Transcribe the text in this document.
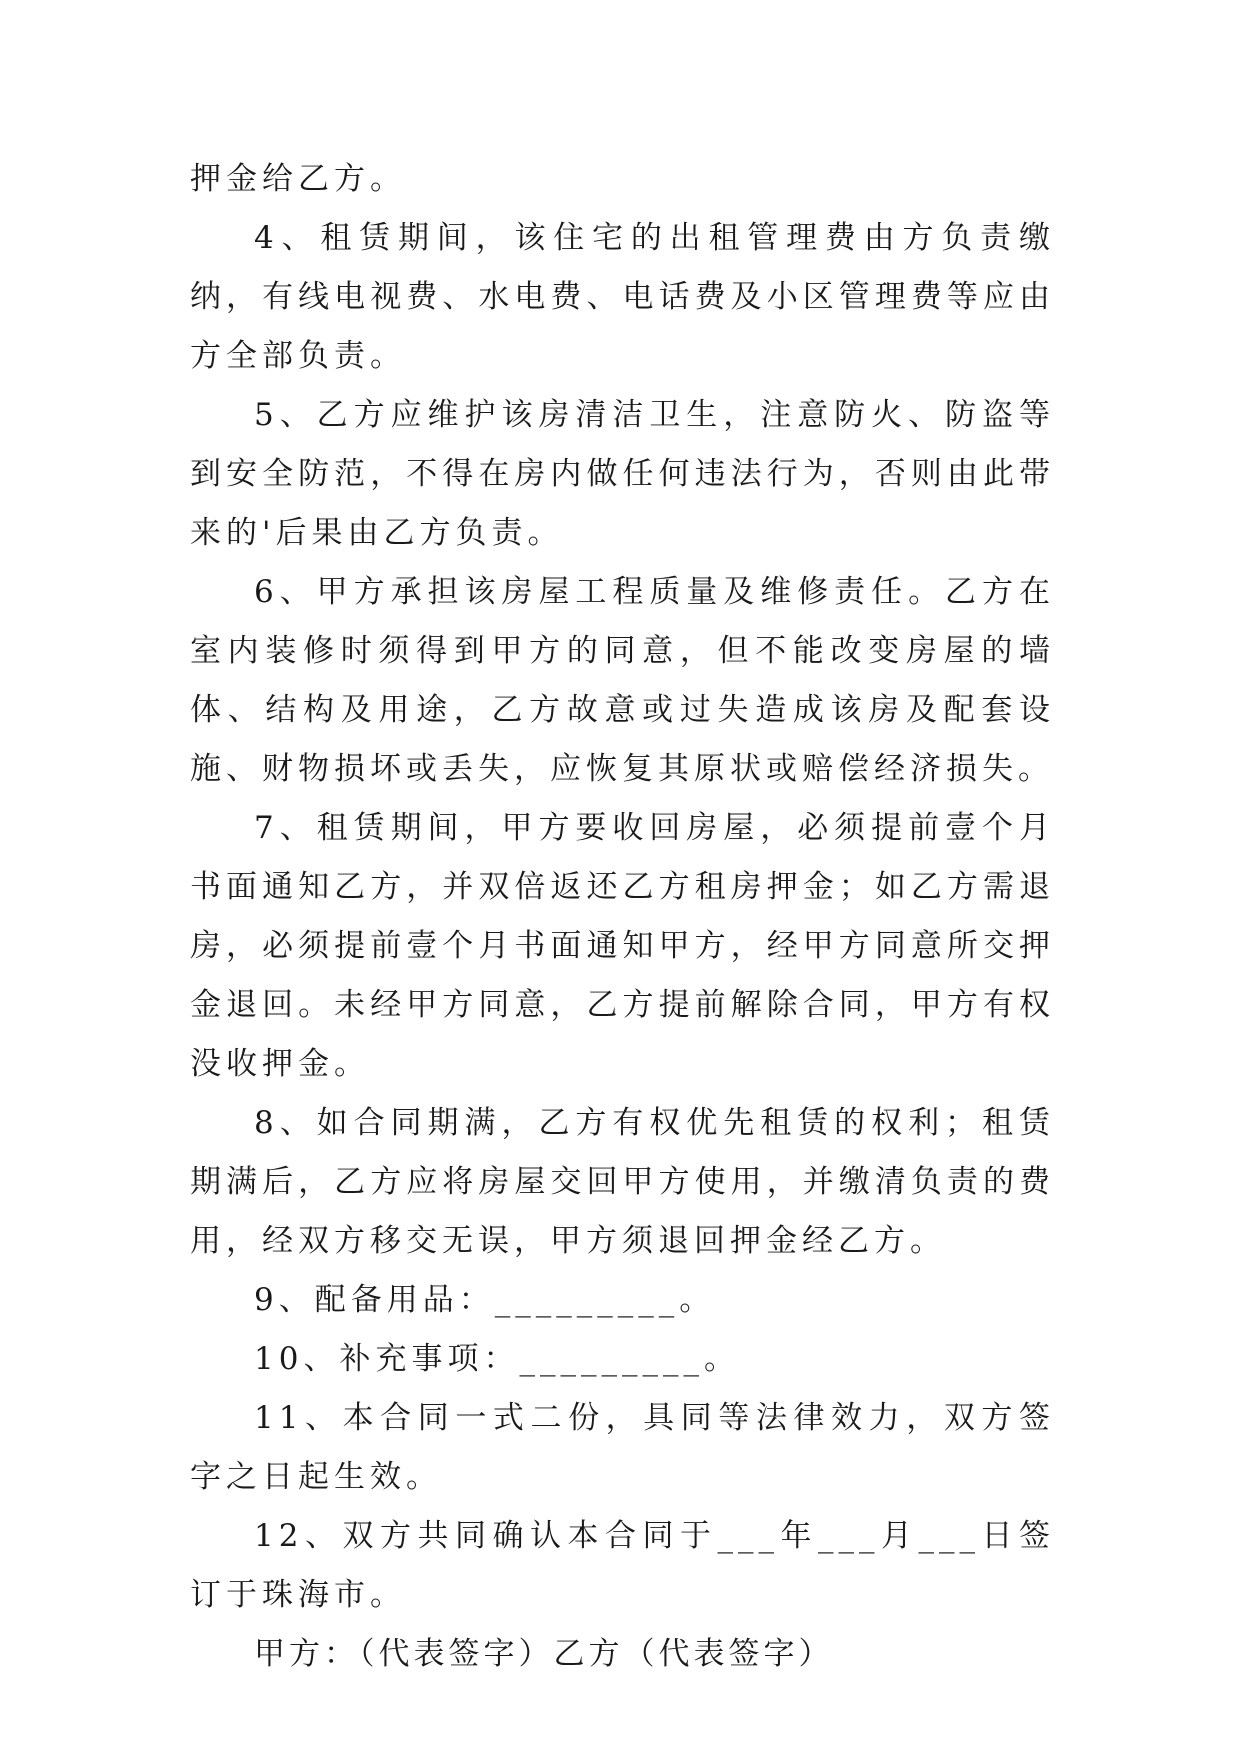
押金给乙方。

4、租赁期间，该住宅的出租管理费由方负责缴纳，有线电视费、水电费、电话费及小区管理费等应由方全部负责。

5、乙方应维护该房清洁卫生，注意防火、防盗等到安全防范，不得在房内做任何违法行为，否则由此带来的'后果由乙方负责。

6、甲方承担该房屋工程质量及维修责任。乙方在室内装修时须得到甲方的同意，但不能改变房屋的墙体、结构及用途，乙方故意或过失造成该房及配套设施、财物损坏或丢失，应恢复其原状或赔偿经济损失。

7、租赁期间，甲方要收回房屋，必须提前壹个月书面通知乙方，并双倍返还乙方租房押金；如乙方需退房，必须提前壹个月书面通知甲方，经甲方同意所交押金退回。未经甲方同意，乙方提前解除合同，甲方有权没收押金。

8、如合同期满，乙方有权优先租赁的权利；租赁期满后，乙方应将房屋交回甲方使用，并缴清负责的费用，经双方移交无误，甲方须退回押金经乙方。

9、配备用品：_________。

10、补充事项：_________。

11、本合同一式二份，具同等法律效力，双方签字之日起生效。

12、双方共同确认本合同于___年___月___日签订于珠海市。

甲方：（代表签字）乙方（代表签字）
